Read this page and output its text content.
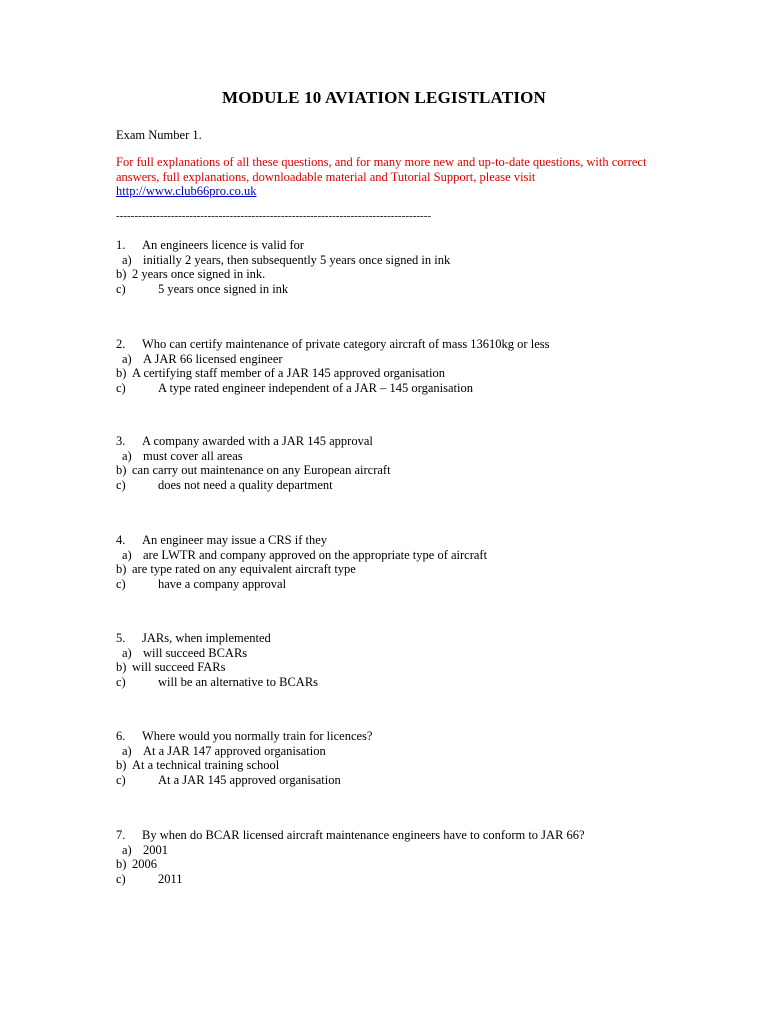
MODULE 10 AVIATION LEGISTLATION
Exam Number 1.
For full explanations of all these questions, and for many more new and up-to-date questions, with correct answers, full explanations, downloadable material and Tutorial Support, please visit
http://www.club66pro.co.uk
--------------------------------------------------------------------------------------
1. An engineers licence is valid for
a) initially 2 years, then subsequently 5 years once signed in ink
b) 2 years once signed in ink.
c)	5 years once signed in ink
2. Who can certify maintenance of private category aircraft of mass 13610kg or less
a) A JAR 66 licensed engineer
b) A certifying staff member of a JAR 145 approved organisation
c)	A type rated engineer independent of a JAR – 145 organisation
3. A company awarded with a JAR 145 approval
a) must cover all areas
b) can carry out maintenance on any European aircraft
c)	does not need a quality department
4. An engineer may issue a CRS if they
a) are LWTR and company approved on the appropriate type of aircraft
b) are type rated on any equivalent aircraft type
c)	have a company approval
5. JARs, when implemented
a) will succeed BCARs
b) will succeed FARs
c)	will be an alternative to BCARs
6. Where would you normally train for licences?
a) At a JAR 147 approved organisation
b) At a technical training school
c)	At a JAR 145 approved organisation
7. By when do BCAR licensed aircraft maintenance engineers have to conform to JAR 66?
a) 2001
b) 2006
c)	2011
